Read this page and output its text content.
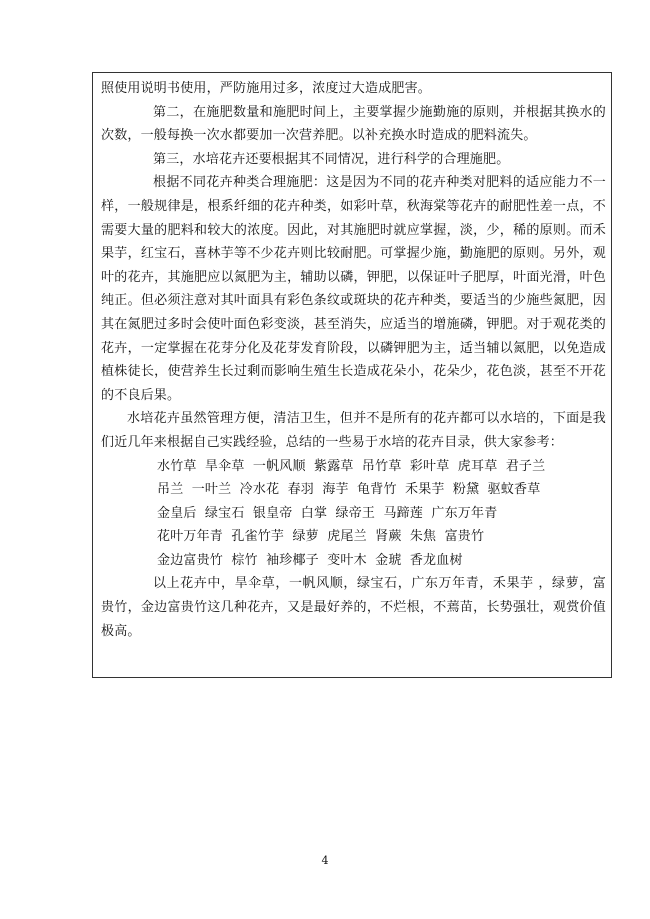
照使用说明书使用，严防施用过多，浓度过大造成肥害。

第二，在施肥数量和施肥时间上，主要掌握少施勤施的原则，并根据其换水的次数，一般每换一次水都要加一次营养肥。以补充换水时造成的肥料流失。

第三，水培花卉还要根据其不同情况，进行科学的合理施肥。

根据不同花卉种类合理施肥：这是因为不同的花卉种类对肥料的适应能力不一样，一般规律是，根系纤细的花卉种类，如彩叶草，秋海棠等花卉的耐肥性差一点，不需要大量的肥料和较大的浓度。因此，对其施肥时就应掌握，淡，少，稀的原则。而禾果芋，红宝石，喜林芋等不少花卉则比较耐肥。可掌握少施，勤施肥的原则。另外，观叶的花卉，其施肥应以氮肥为主，辅助以磷，钾肥，以保证叶子肥厚，叶面光滑，叶色纯正。但必须注意对其叶面具有彩色条纹或斑块的花卉种类，要适当的少施些氮肥，因其在氮肥过多时会使叶面色彩变淡，甚至消失，应适当的增施磷，钾肥。对于观花类的花卉，一定掌握在花芽分化及花芽发育阶段，以磷钾肥为主，适当辅以氮肥，以免造成植株徒长，使营养生长过剩而影响生殖生长造成花朵小，花朵少，花色淡，甚至不开花的不良后果。

水培花卉虽然管理方便，清洁卫生，但并不是所有的花卉都可以水培的，下面是我们近几年来根据自己实践经验，总结的一些易于水培的花卉目录，供大家参考：

水竹草 旱伞草 一帆风顺 紫露草 吊竹草 彩叶草 虎耳草 君子兰

吊兰 一叶兰 冷水花 春羽 海芋 龟背竹 禾果芋 粉黛 驱蚊香草

金皇后 绿宝石 银皇帝 白掌 绿帝王 马蹄莲 广东万年青

花叶万年青 孔雀竹芋 绿萝 虎尾兰 肾蕨 朱焦 富贵竹

金边富贵竹 棕竹 袖珍椰子 变叶木 金琥 香龙血树

以上花卉中，旱伞草，一帆风顺，绿宝石，广东万年青，禾果芋 ，绿萝，富贵竹，金边富贵竹这几种花卉，又是最好养的，不烂根，不蔫苗，长势强壮，观赏价值极高。

4
